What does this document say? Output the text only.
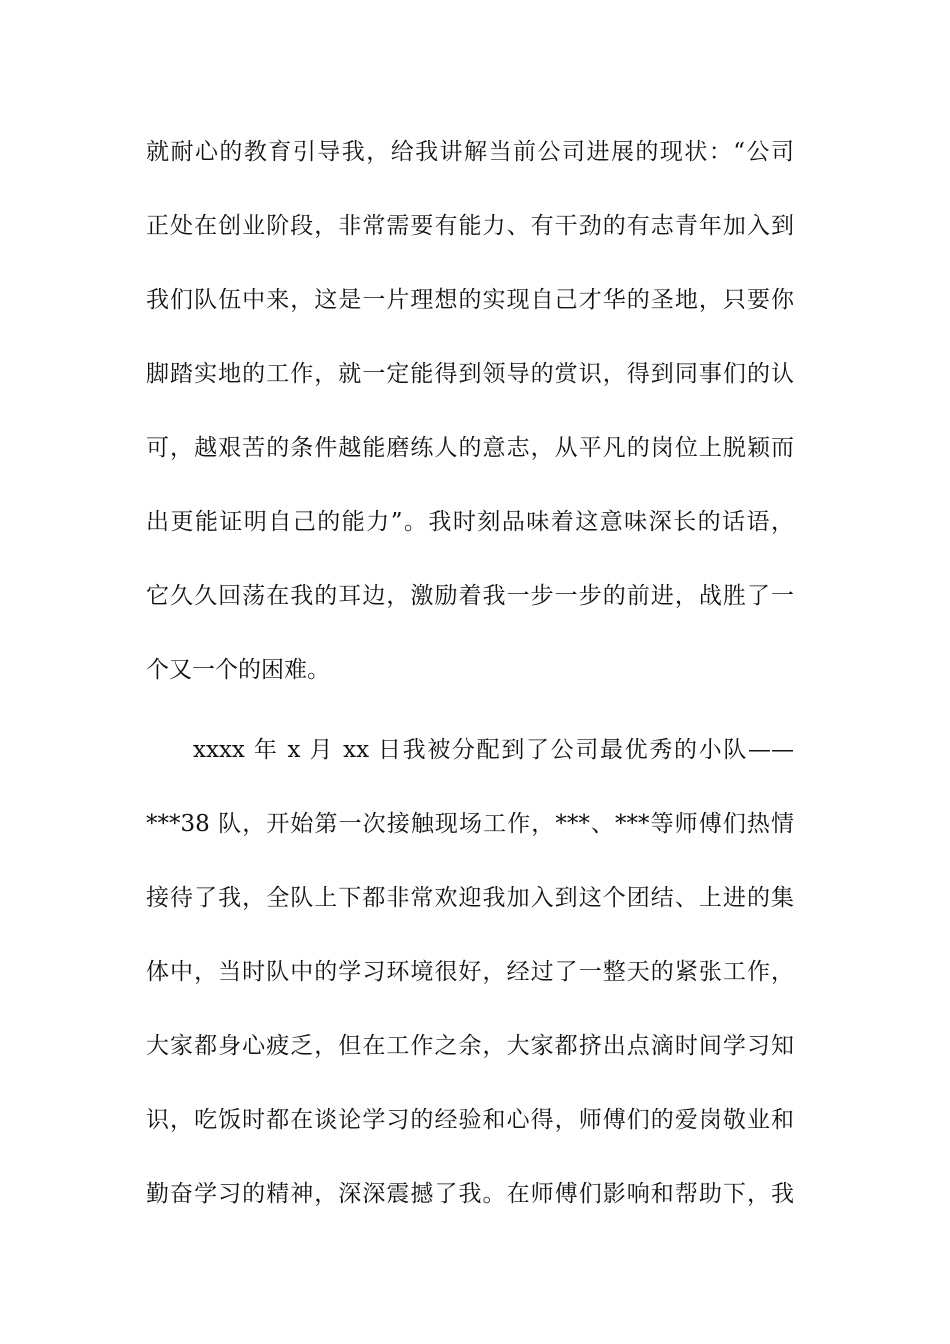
就耐心的教育引导我，给我讲解当前公司进展的现状：“公司
正处在创业阶段，非常需要有能力、有干劲的有志青年加入到
我们队伍中来，这是一片理想的实现自己才华的圣地，只要你
脚踏实地的工作，就一定能得到领导的赏识，得到同事们的认
可，越艰苦的条件越能磨练人的意志，从平凡的岗位上脱颖而
出更能证明自己的能力”。我时刻品味着这意味深长的话语，
它久久回荡在我的耳边，激励着我一步一步的前进，战胜了一
个又一个的困难。
xxxx 年 x 月 xx 日我被分配到了公司最优秀的小队——
***38 队，开始第一次接触现场工作，***、***等师傅们热情
接待了我，全队上下都非常欢迎我加入到这个团结、上进的集
体中，当时队中的学习环境很好，经过了一整天的紧张工作，
大家都身心疲乏，但在工作之余，大家都挤出点滴时间学习知
识，吃饭时都在谈论学习的经验和心得，师傅们的爱岗敬业和
勤奋学习的精神，深深震撼了我。在师傅们影响和帮助下，我
